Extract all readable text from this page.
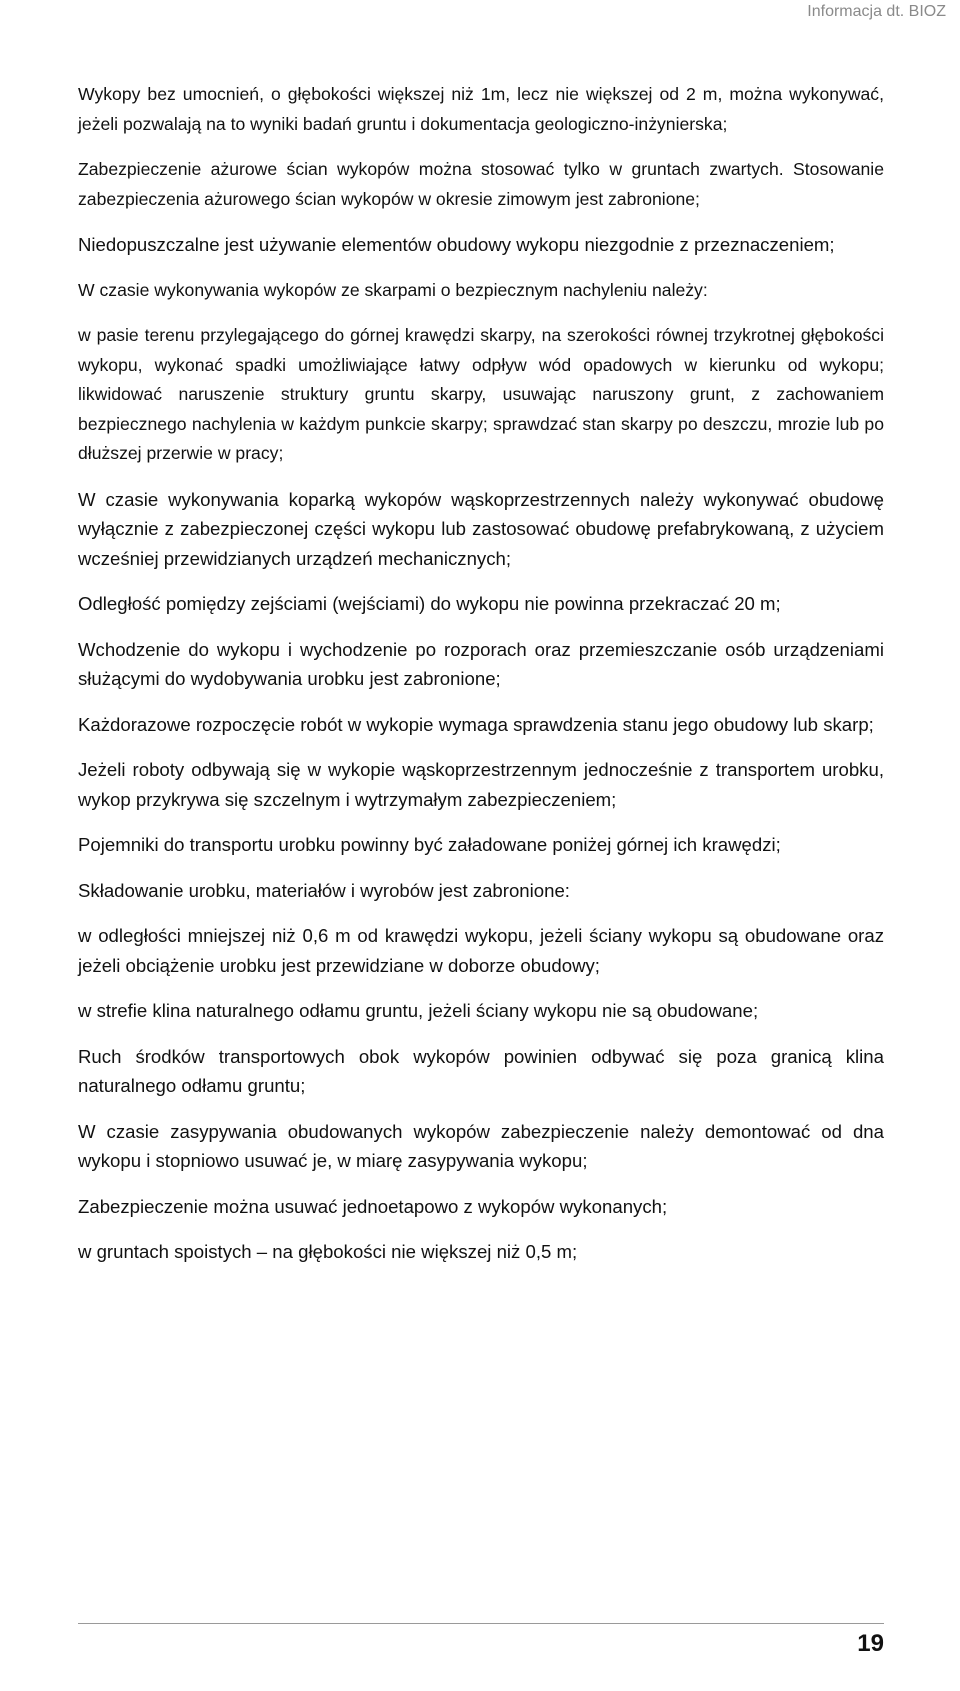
Informacja dt. BIOZ

Wykopy bez umocnień, o głębokości większej niż 1m, lecz nie większej od 2 m, można wykonywać, jeżeli pozwalają na to wyniki badań gruntu i dokumentacja geologiczno-inżynierska;

Zabezpieczenie ażurowe ścian wykopów można stosować tylko w gruntach zwartych. Stosowanie zabezpieczenia ażurowego ścian wykopów w okresie zimowym jest zabronione;

Niedopuszczalne jest używanie elementów obudowy wykopu niezgodnie z przeznaczeniem;

W czasie wykonywania wykopów ze skarpami o bezpiecznym nachyleniu należy:

w pasie terenu przylegającego do górnej krawędzi skarpy, na szerokości równej trzykrotnej głębokości wykopu, wykonać spadki umożliwiające łatwy odpływ wód opadowych w kierunku od wykopu; likwidować naruszenie struktury gruntu skarpy, usuwając naruszony grunt, z zachowaniem bezpiecznego nachylenia w każdym punkcie skarpy; sprawdzać stan skarpy po deszczu, mrozie lub po dłuższej przerwie w pracy;

W czasie wykonywania koparką wykopów wąskoprzestrzennych należy wykonywać obudowę wyłącznie z zabezpieczonej części wykopu lub zastosować obudowę prefabrykowaną, z użyciem wcześniej przewidzianych urządzeń mechanicznych;

Odległość pomiędzy zejściami (wejściami) do wykopu nie powinna przekraczać 20 m;

Wchodzenie do wykopu i wychodzenie po rozporach oraz przemieszczanie osób urządzeniami służącymi do wydobywania urobku jest zabronione;

Każdorazowe rozpoczęcie robót w wykopie wymaga sprawdzenia stanu jego obudowy lub skarp;

Jeżeli roboty odbywają się w wykopie wąskoprzestrzennym jednocześnie z transportem urobku, wykop przykrywa się szczelnym i wytrzymałym zabezpieczeniem;

Pojemniki do transportu urobku powinny być załadowane poniżej górnej ich krawędzi;

Składowanie urobku, materiałów i wyrobów jest zabronione:

w odległości mniejszej niż 0,6 m od krawędzi wykopu, jeżeli ściany wykopu są obudowane oraz jeżeli obciążenie urobku jest przewidziane w doborze obudowy;

w strefie klina naturalnego odłamu gruntu, jeżeli ściany wykopu nie są obudowane;

Ruch środków transportowych obok wykopów powinien odbywać się poza granicą klina naturalnego odłamu gruntu;

W czasie zasypywania obudowanych wykopów zabezpieczenie należy demontować od dna wykopu i stopniowo usuwać je, w miarę zasypywania wykopu;

Zabezpieczenie można usuwać jednoetapowo z wykopów wykonanych;

w gruntach spoistych – na głębokości nie większej niż 0,5 m;

19
